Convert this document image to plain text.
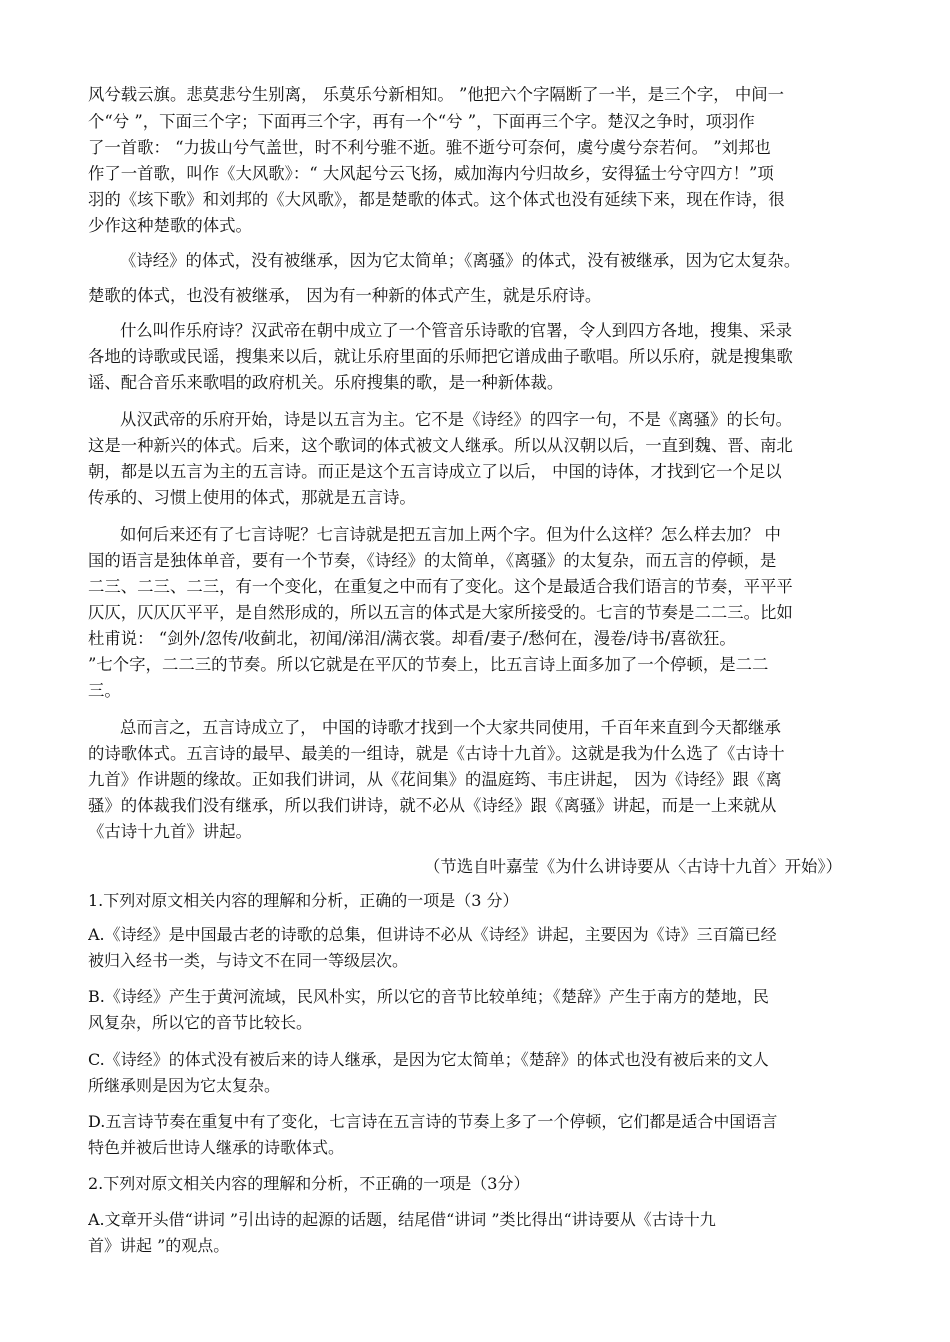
风兮载云旗。悲莫悲兮生别离， 乐莫乐兮新相知。 ”他把六个字隔断了一半，是三个字， 中间一
个“兮 ”，下面三个字；下面再三个字，再有一个“兮 ”，下面再三个字。楚汉之争时，项羽作
了一首歌： “力拔山兮气盖世，时不利兮骓不逝。骓不逝兮可奈何，虞兮虞兮奈若何。 ”刘邦也
作了一首歌，叫作《大风歌》：“ 大风起兮云飞扬，威加海内兮归故乡，安得猛士兮守四方！”项
羽的《垓下歌》和刘邦的《大风歌》，都是楚歌的体式。这个体式也没有延续下来，现在作诗，很
少作这种楚歌的体式。
《诗经》的体式，没有被继承，因为它太简单；《离骚》的体式，没有被继承，因为它太复杂。
楚歌的体式，也没有被继承， 因为有一种新的体式产生，就是乐府诗。
什么叫作乐府诗？汉武帝在朝中成立了一个管音乐诗歌的官署，令人到四方各地，搜集、采录
各地的诗歌或民谣，搜集来以后，就让乐府里面的乐师把它谱成曲子歌唱。所以乐府，就是搜集歌
谣、配合音乐来歌唱的政府机关。乐府搜集的歌，是一种新体裁。
从汉武帝的乐府开始，诗是以五言为主。它不是《诗经》的四字一句，不是《离骚》的长句。
这是一种新兴的体式。后来，这个歌词的体式被文人继承。所以从汉朝以后，一直到魏、晋、南北
朝，都是以五言为主的五言诗。而正是这个五言诗成立了以后， 中国的诗体，才找到它一个足以
传承的、习惯上使用的体式，那就是五言诗。
如何后来还有了七言诗呢？七言诗就是把五言加上两个字。但为什么这样？怎么样去加？ 中
国的语言是独体单音，要有一个节奏，《诗经》的太简单，《离骚》的太复杂，而五言的停顿，是
二三、二三、二三，有一个变化，在重复之中而有了变化。这个是最适合我们语言的节奏，平平平
仄仄，仄仄仄平平，是自然形成的，所以五言的体式是大家所接受的。七言的节奏是二二三。比如
杜甫说： “剑外/忽传/收蓟北，初闻/涕泪/满衣裳。却看/妻子/愁何在，漫卷/诗书/喜欲狂。
”七个字，二二三的节奏。所以它就是在平仄的节奏上，比五言诗上面多加了一个停顿，是二二
三。
总而言之，五言诗成立了， 中国的诗歌才找到一个大家共同使用，千百年来直到今天都继承
的诗歌体式。五言诗的最早、最美的一组诗，就是《古诗十九首》。这就是我为什么选了《古诗十
九首》作讲题的缘故。正如我们讲词，从《花间集》的温庭筠、韦庄讲起， 因为《诗经》跟《离
骚》的体裁我们没有继承，所以我们讲诗，就不必从《诗经》跟《离骚》讲起，而是一上来就从
《古诗十九首》讲起。
（节选自叶嘉莹《为什么讲诗要从〈古诗十九首〉开始》）
1.下列对原文相关内容的理解和分析，正确的一项是（3 分）
A.《诗经》是中国最古老的诗歌的总集，但讲诗不必从《诗经》讲起，主要因为《诗》三百篇已经
被归入经书一类，与诗文不在同一等级层次。
B.《诗经》产生于黄河流域，民风朴实，所以它的音节比较单纯；《楚辞》产生于南方的楚地，民
风复杂，所以它的音节比较长。
C.《诗经》的体式没有被后来的诗人继承，是因为它太简单；《楚辞》的体式也没有被后来的文人
所继承则是因为它太复杂。
D.五言诗节奏在重复中有了变化，七言诗在五言诗的节奏上多了一个停顿，它们都是适合中国语言
特色并被后世诗人继承的诗歌体式。
2.下列对原文相关内容的理解和分析，不正确的一项是（3分）
A.文章开头借“讲词 ”引出诗的起源的话题，结尾借“讲词 ”类比得出“讲诗要从《古诗十九
首》讲起 ”的观点。
